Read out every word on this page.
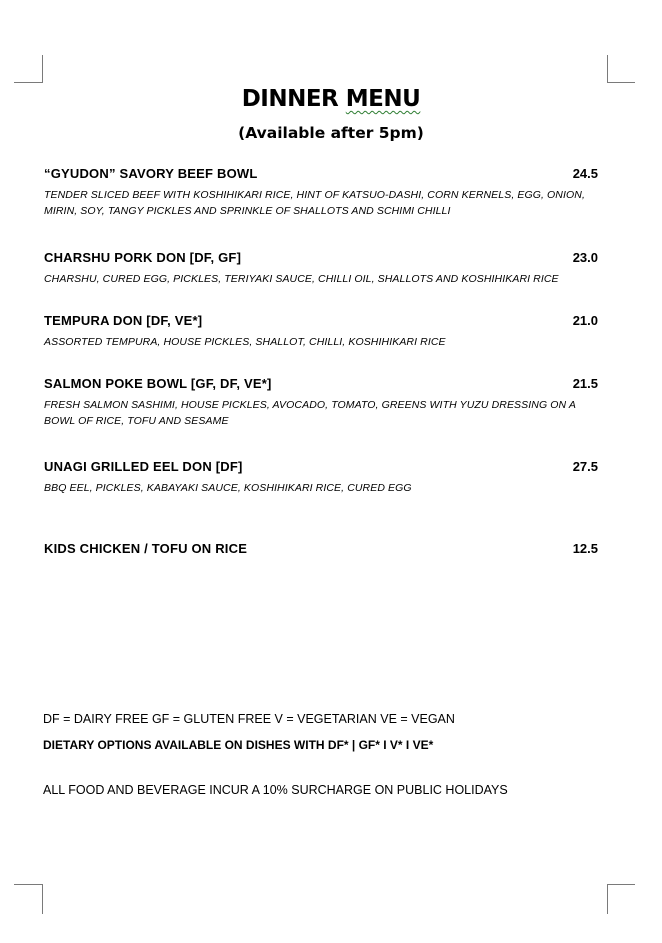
DINNER MENU
(Available after 5pm)
“GYUDON” SAVORY BEEF BOWL	24.5
TENDER SLICED BEEF WITH KOSHIHIKARI RICE, HINT OF KATSUO-DASHI, CORN KERNELS, EGG, ONION, MIRIN, SOY, TANGY PICKLES AND SPRINKLE OF SHALLOTS AND SCHIMI CHILLI
CHARSHU PORK DON [DF, GF]	23.0
CHARSHU, CURED EGG, PICKLES, TERIYAKI SAUCE, CHILLI OIL, SHALLOTS AND KOSHIHIKARI RICE
TEMPURA DON [DF, VE*]	21.0
ASSORTED TEMPURA, HOUSE PICKLES, SHALLOT, CHILLI, KOSHIHIKARI RICE
SALMON POKE BOWL [GF, DF, VE*]	21.5
FRESH SALMON SASHIMI, HOUSE PICKLES, AVOCADO, TOMATO, GREENS WITH YUZU DRESSING ON A BOWL OF RICE, TOFU AND SESAME
UNAGI GRILLED EEL DON [DF]	27.5
BBQ EEL, PICKLES, KABAYAKI SAUCE, KOSHIHIKARI RICE, CURED EGG
KIDS CHICKEN / TOFU ON RICE	12.5
DF = DAIRY FREE GF = GLUTEN FREE V = VEGETARIAN VE = VEGAN
DIETARY OPTIONS AVAILABLE ON DISHES WITH DF* | GF* I V* I VE*
ALL FOOD AND BEVERAGE INCUR A 10% SURCHARGE ON PUBLIC HOLIDAYS
